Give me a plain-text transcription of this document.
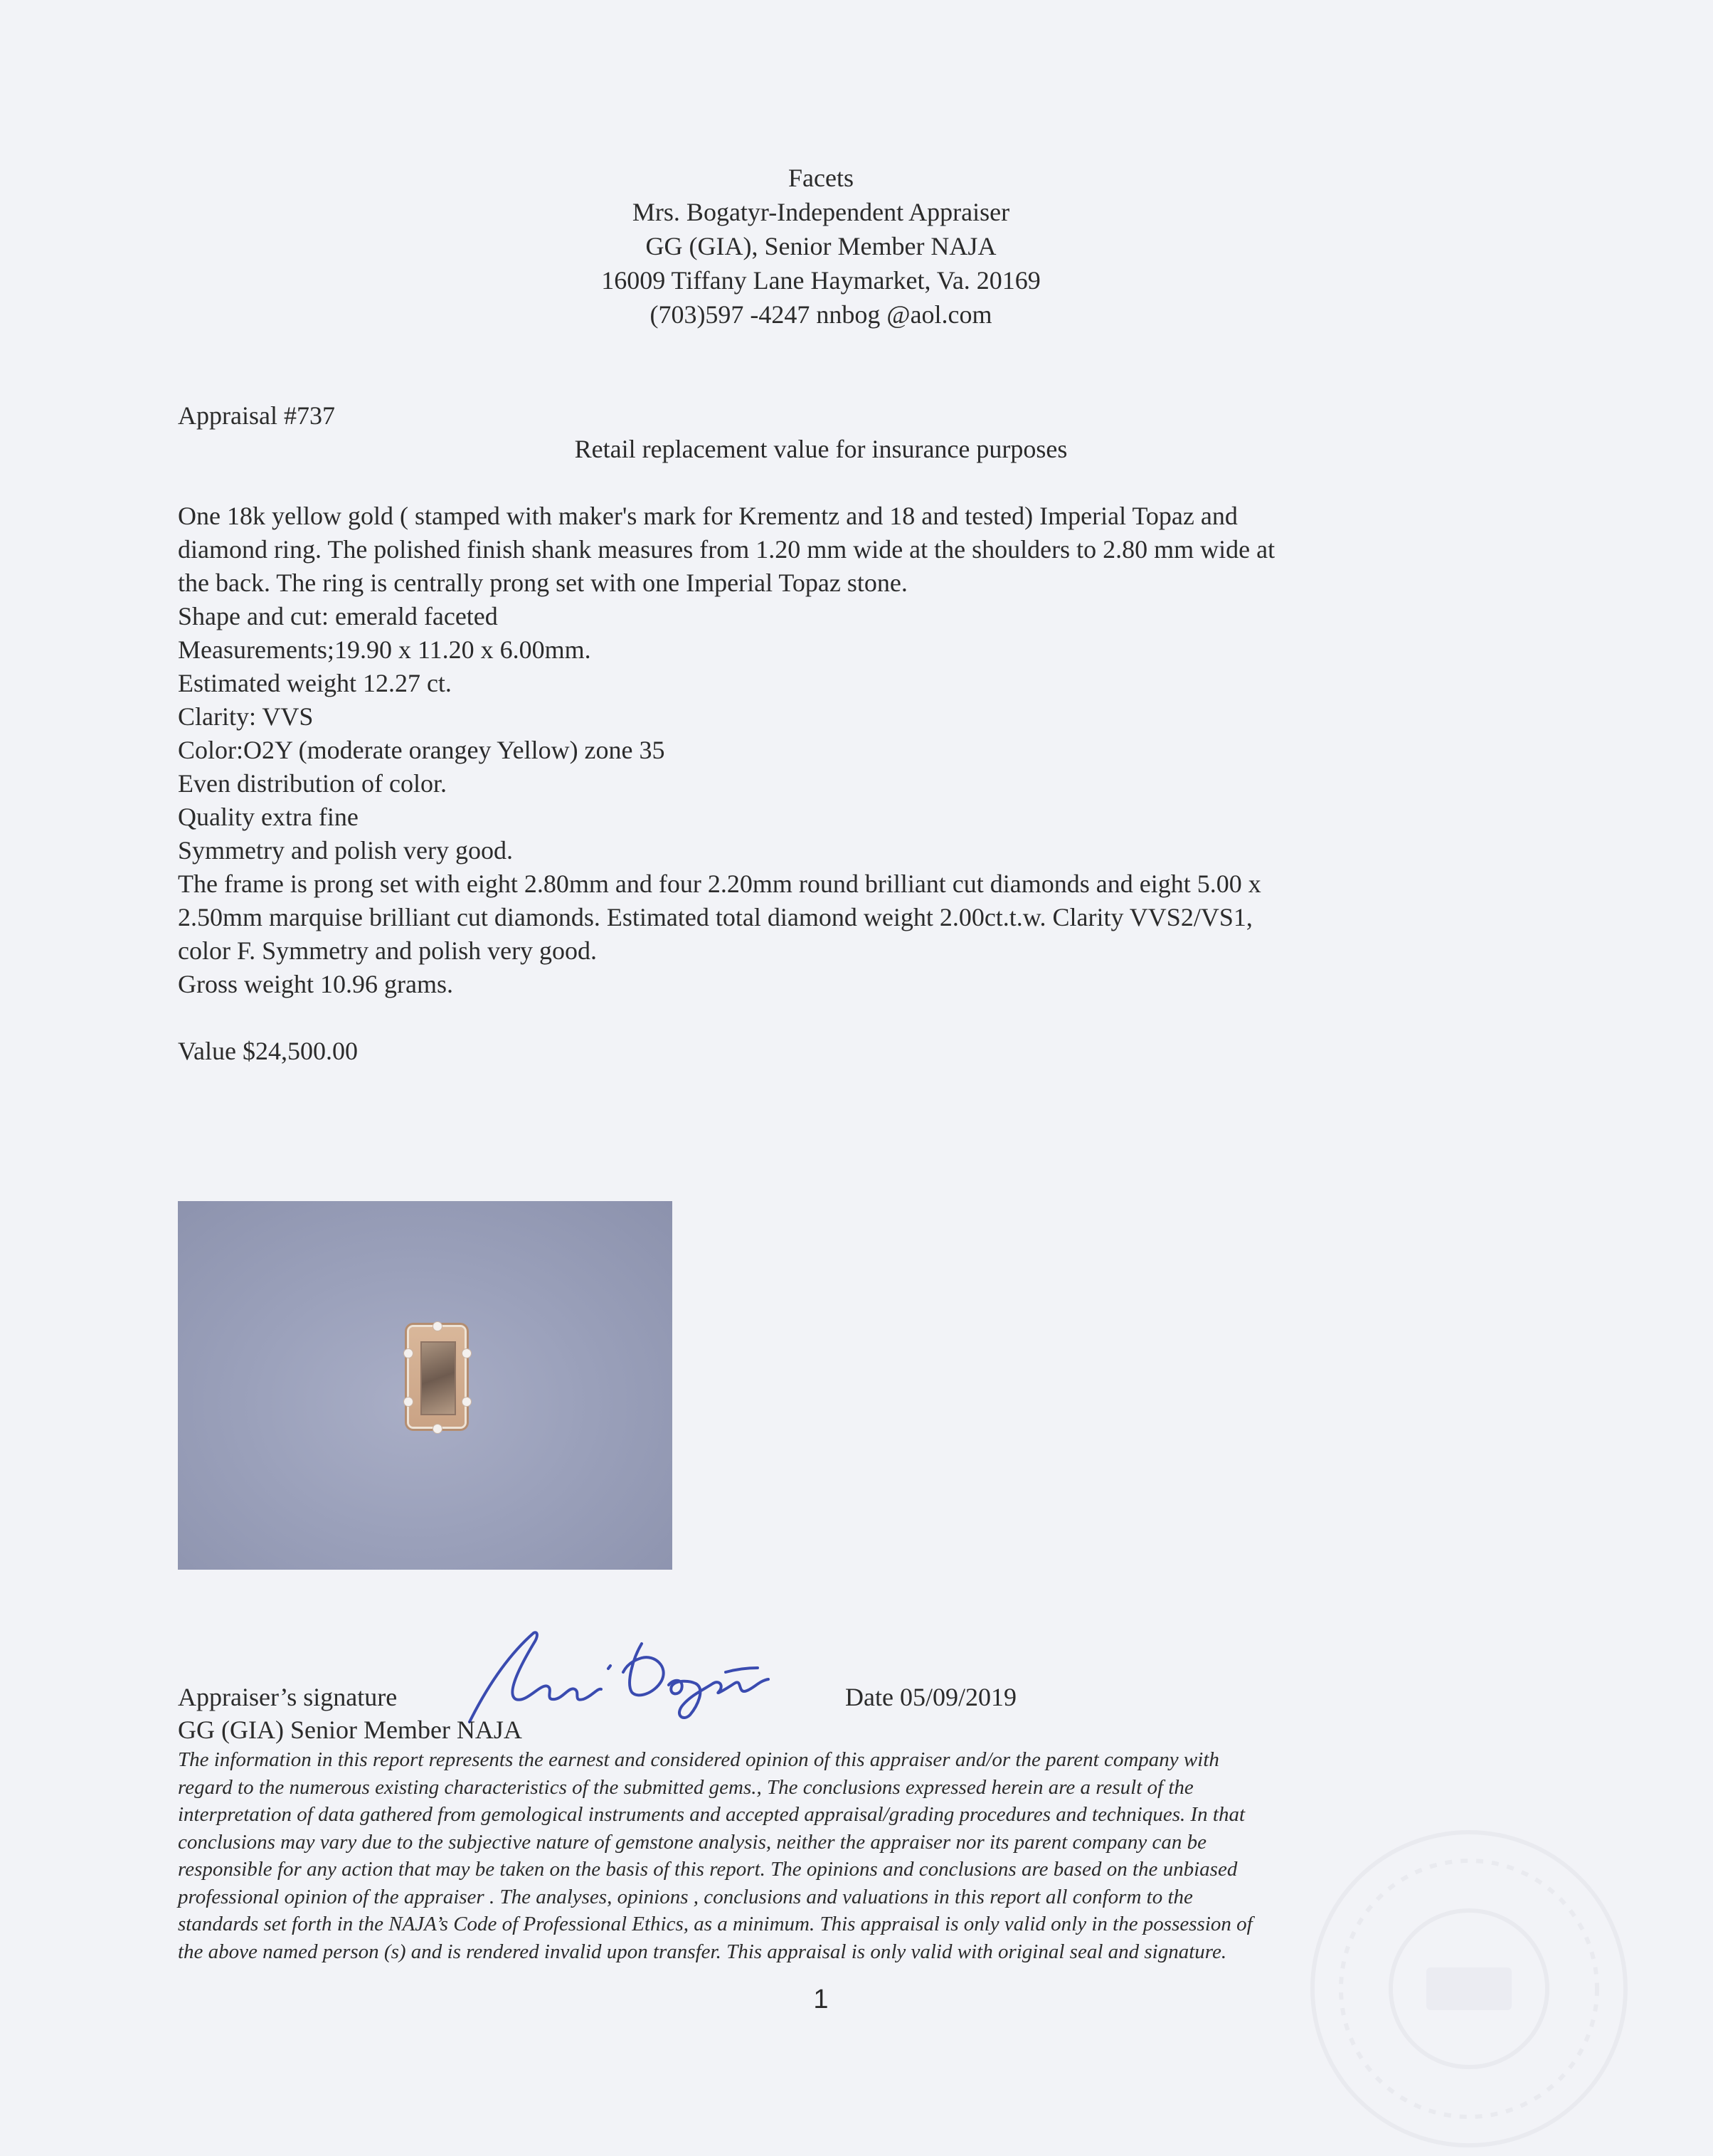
Facets
Mrs. Bogatyr-Independent Appraiser
GG (GIA), Senior Member NAJA
16009 Tiffany Lane Haymarket, Va. 20169
(703)597 -4247 nnbog @aol.com
Appraisal #737
Retail replacement value for insurance purposes

One 18k yellow gold ( stamped with maker's mark for Krementz and 18 and tested) Imperial Topaz and

diamond ring. The polished finish shank measures from 1.20 mm wide at the shoulders to 2.80 mm wide at

the back. The ring is centrally prong set with one Imperial Topaz stone.

Shape and cut: emerald faceted

Measurements;19.90 x 11.20 x 6.00mm.

Estimated weight 12.27 ct.

Clarity: VVS

Color:O2Y (moderate orangey Yellow) zone 35

Even distribution of color.

Quality extra fine

Symmetry and polish very good.

The frame is prong set with eight 2.80mm and four 2.20mm round brilliant cut diamonds and eight 5.00 x

2.50mm marquise brilliant cut diamonds. Estimated total diamond weight 2.00ct.t.w. Clarity VVS2/VS1,

color F. Symmetry and polish very good.

Gross weight 10.96 grams.

Value $24,500.00
Appraiser’s signature
Nina Bogatyr
Date 05/09/2019
GG (GIA) Senior Member NAJA
The information in this report represents the earnest and considered opinion of this appraiser and/or the parent company with
regard to the numerous existing characteristics of the submitted gems., The conclusions expressed herein are a result of the
interpretation of data gathered from gemological instruments and accepted appraisal/grading procedures and techniques. In that
conclusions may vary due to the subjective nature of gemstone analysis, neither the appraiser nor its parent company can be
responsible for any action that may be taken on the basis of this report. The opinions and conclusions are based on the unbiased
professional opinion of the appraiser . The analyses, opinions , conclusions and valuations in this report all conform to the
standards set forth in the NAJA’s Code of Professional Ethics, as a minimum. This appraisal is only valid only in the possession of
the above named person (s) and is rendered invalid upon transfer. This appraisal is only valid with original seal and signature.
1
